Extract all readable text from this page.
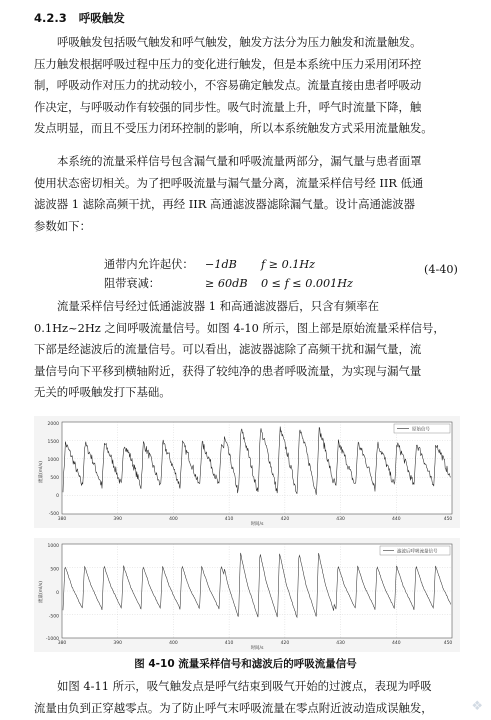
4.2.3 呼吸触发
呼吸触发包括吸气触发和呼气触发，触发方法分为压力触发和流量触发。
压力触发根据呼吸过程中压力的变化进行触发，但是本系统中压力采用闭环控
制，呼吸动作对压力的扰动较小，不容易确定触发点。流量直接由患者呼吸动
作决定，与呼吸动作有较强的同步性。吸气时流量上升，呼气时流量下降，触
发点明显，而且不受压力闭环控制的影响，所以本系统触发方式采用流量触发。
本系统的流量采样信号包含漏气量和呼吸流量两部分，漏气量与患者面罩
使用状态密切相关。为了把呼吸流量与漏气量分离，流量采样信号经 IIR 低通
滤波器 1 滤除高频干扰，再经 IIR 高通滤波器滤除漏气量。设计高通滤波器
参数如下：
通带内允许起伏： −1dB f ≥ 0.1Hz
阻带衰减：	≥ 60dB 0 ≤ f ≤ 0.001Hz
(4-40)
流量采样信号经过低通滤波器 1 和高通滤波器后，只含有频率在
0.1Hz~2Hz 之间呼吸流量信号。如图 4-10 所示，图上部是原始流量采样信号，
下部是经滤波后的流量信号。可以看出，滤波器滤除了高频干扰和漏气量，流
量信号向下平移到横轴附近，获得了较纯净的患者呼吸流量，为实现与漏气量
无关的呼吸触发打下基础。
原始信号
流量(ml/s)
时间/s
2000
1500
1000
500
0
-500
380	390	400	410	420	430	440	450
滤波后呼吸流量信号
流量(ml/s)
时间/s
1000
500
0
-500
-1000
380	390	400	410	420	430	440	450
图 4-10 流量采样信号和滤波后的呼吸流量信号
如图 4-11 所示，吸气触发点是呼气结束到吸气开始的过渡点，表现为呼吸
流量由负到正穿越零点。为了防止呼气末呼吸流量在零点附近波动造成误触发，	❖
